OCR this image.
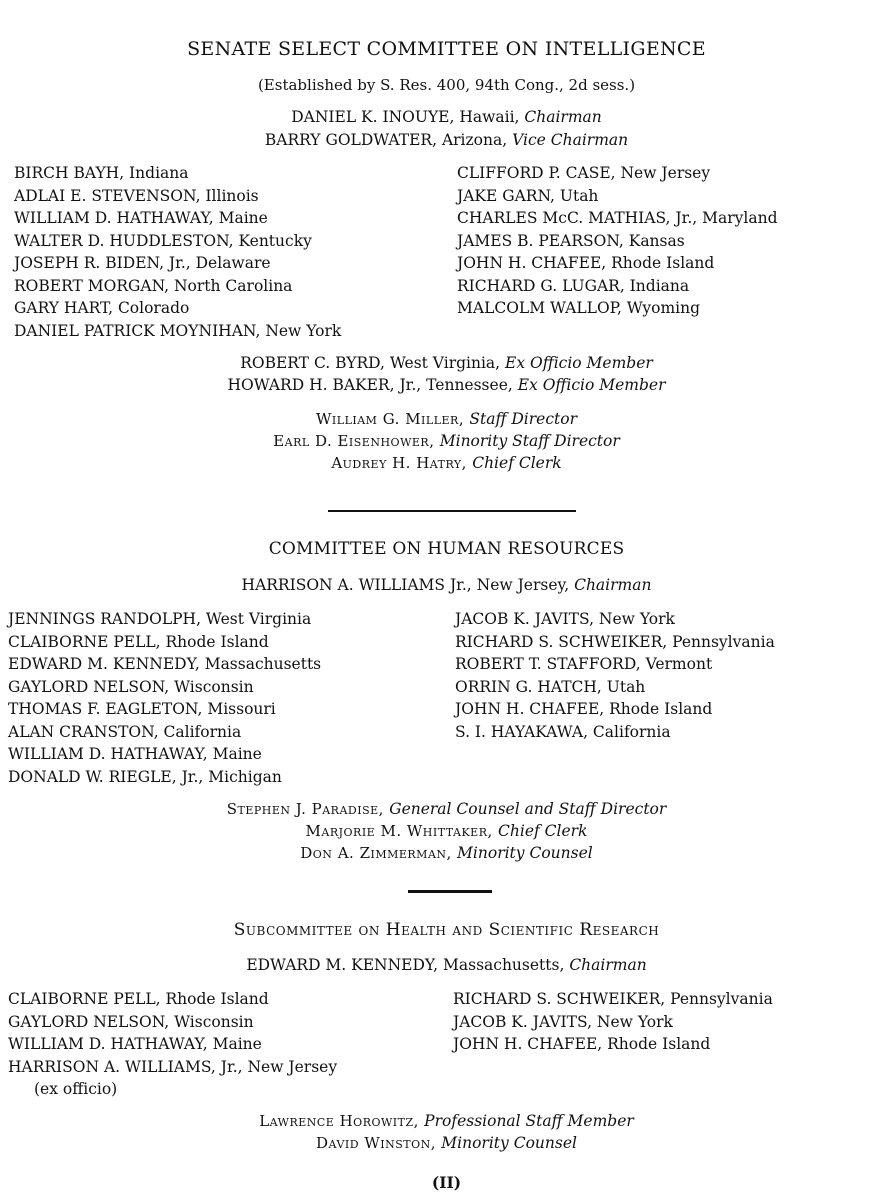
SENATE SELECT COMMITTEE ON INTELLIGENCE
(Established by S. Res. 400, 94th Cong., 2d sess.)
DANIEL K. INOUYE, Hawaii, Chairman
BARRY GOLDWATER, Arizona, Vice Chairman
BIRCH BAYH, Indiana
ADLAI E. STEVENSON, Illinois
WILLIAM D. HATHAWAY, Maine
WALTER D. HUDDLESTON, Kentucky
JOSEPH R. BIDEN, Jr., Delaware
ROBERT MORGAN, North Carolina
GARY HART, Colorado
DANIEL PATRICK MOYNIHAN, New York
CLIFFORD P. CASE, New Jersey
JAKE GARN, Utah
CHARLES McC. MATHIAS, Jr., Maryland
JAMES B. PEARSON, Kansas
JOHN H. CHAFEE, Rhode Island
RICHARD G. LUGAR, Indiana
MALCOLM WALLOP, Wyoming
ROBERT C. BYRD, West Virginia, Ex Officio Member
HOWARD H. BAKER, Jr., Tennessee, Ex Officio Member
William G. Miller, Staff Director
Earl D. Eisenhower, Minority Staff Director
Audrey H. Hatry, Chief Clerk
COMMITTEE ON HUMAN RESOURCES
HARRISON A. WILLIAMS Jr., New Jersey, Chairman
JENNINGS RANDOLPH, West Virginia
CLAIBORNE PELL, Rhode Island
EDWARD M. KENNEDY, Massachusetts
GAYLORD NELSON, Wisconsin
THOMAS F. EAGLETON, Missouri
ALAN CRANSTON, California
WILLIAM D. HATHAWAY, Maine
DONALD W. RIEGLE, Jr., Michigan
JACOB K. JAVITS, New York
RICHARD S. SCHWEIKER, Pennsylvania
ROBERT T. STAFFORD, Vermont
ORRIN G. HATCH, Utah
JOHN H. CHAFEE, Rhode Island
S. I. HAYAKAWA, California
Stephen J. Paradise, General Counsel and Staff Director
Marjorie M. Whittaker, Chief Clerk
Don A. Zimmerman, Minority Counsel
Subcommittee on Health and Scientific Research
EDWARD M. KENNEDY, Massachusetts, Chairman
CLAIBORNE PELL, Rhode Island
GAYLORD NELSON, Wisconsin
WILLIAM D. HATHAWAY, Maine
HARRISON A. WILLIAMS, Jr., New Jersey
(ex officio)
RICHARD S. SCHWEIKER, Pennsylvania
JACOB K. JAVITS, New York
JOHN H. CHAFEE, Rhode Island
Lawrence Horowitz, Professional Staff Member
David Winston, Minority Counsel
(II)
